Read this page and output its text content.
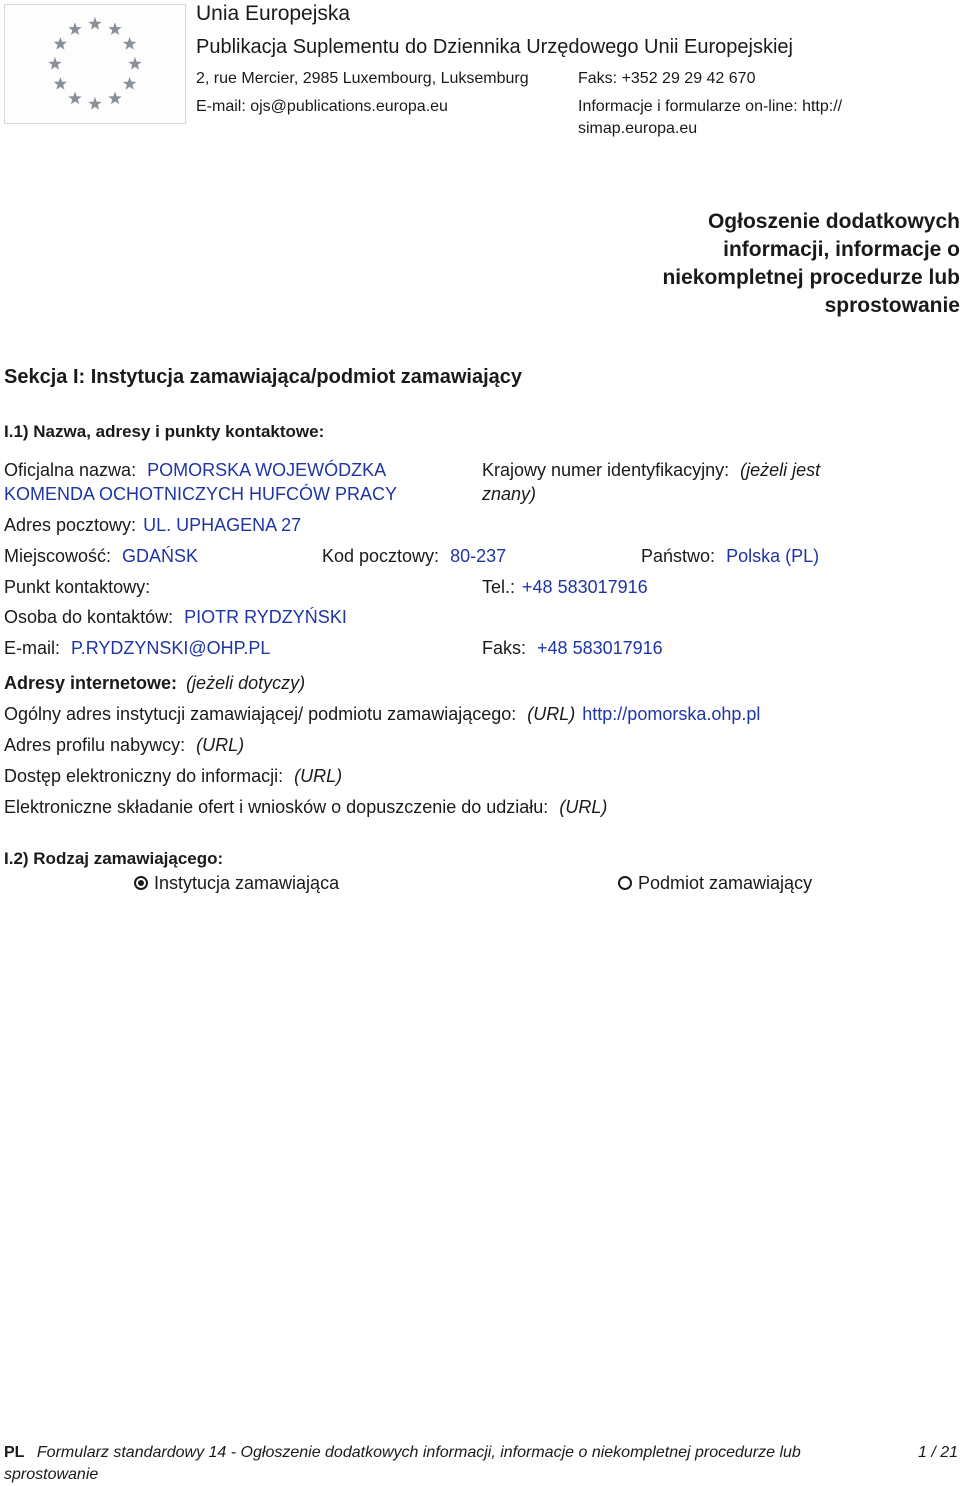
Unia Europejska
Publikacja Suplementu do Dziennika Urzędowego Unii Europejskiej
2, rue Mercier, 2985 Luxembourg, Luksemburg	Faks: +352 29 29 42 670
E-mail: ojs@publications.europa.eu	Informacje i formularze on-line: http://
simap.europa.eu
Ogłoszenie dodatkowych
informacji, informacje o
niekompletnej procedurze lub
sprostowanie
Sekcja I: Instytucja zamawiająca/podmiot zamawiający
I.1) Nazwa, adresy i punkty kontaktowe:
Oficjalna nazwa: POMORSKA WOJEWÓDZKA
KOMENDA OCHOTNICZYCH HUFCÓW PRACY
Krajowy numer identyfikacyjny: (jeżeli jest
znany)
Adres pocztowy: UL. UPHAGENA 27
Miejscowość: GDAŃSK	Kod pocztowy: 80-237	Państwo: Polska (PL)
Punkt kontaktowy:	Tel.: +48 583017916
Osoba do kontaktów: PIOTR RYDZYŃSKI
E-mail: P.RYDZYNSKI@OHP.PL	Faks: +48 583017916
Adresy internetowe: (jeżeli dotyczy)
Ogólny adres instytucji zamawiającej/ podmiotu zamawiającego: (URL) http://pomorska.ohp.pl
Adres profilu nabywcy: (URL)
Dostęp elektroniczny do informacji: (URL)
Elektroniczne składanie ofert i wniosków o dopuszczenie do udziału: (URL)
I.2) Rodzaj zamawiającego:
Instytucja zamawiająca	Podmiot zamawiający
PL Formularz standardowy 14 - Ogłoszenie dodatkowych informacji, informacje o niekompletnej procedurze lub
sprostowanie
1 / 21
